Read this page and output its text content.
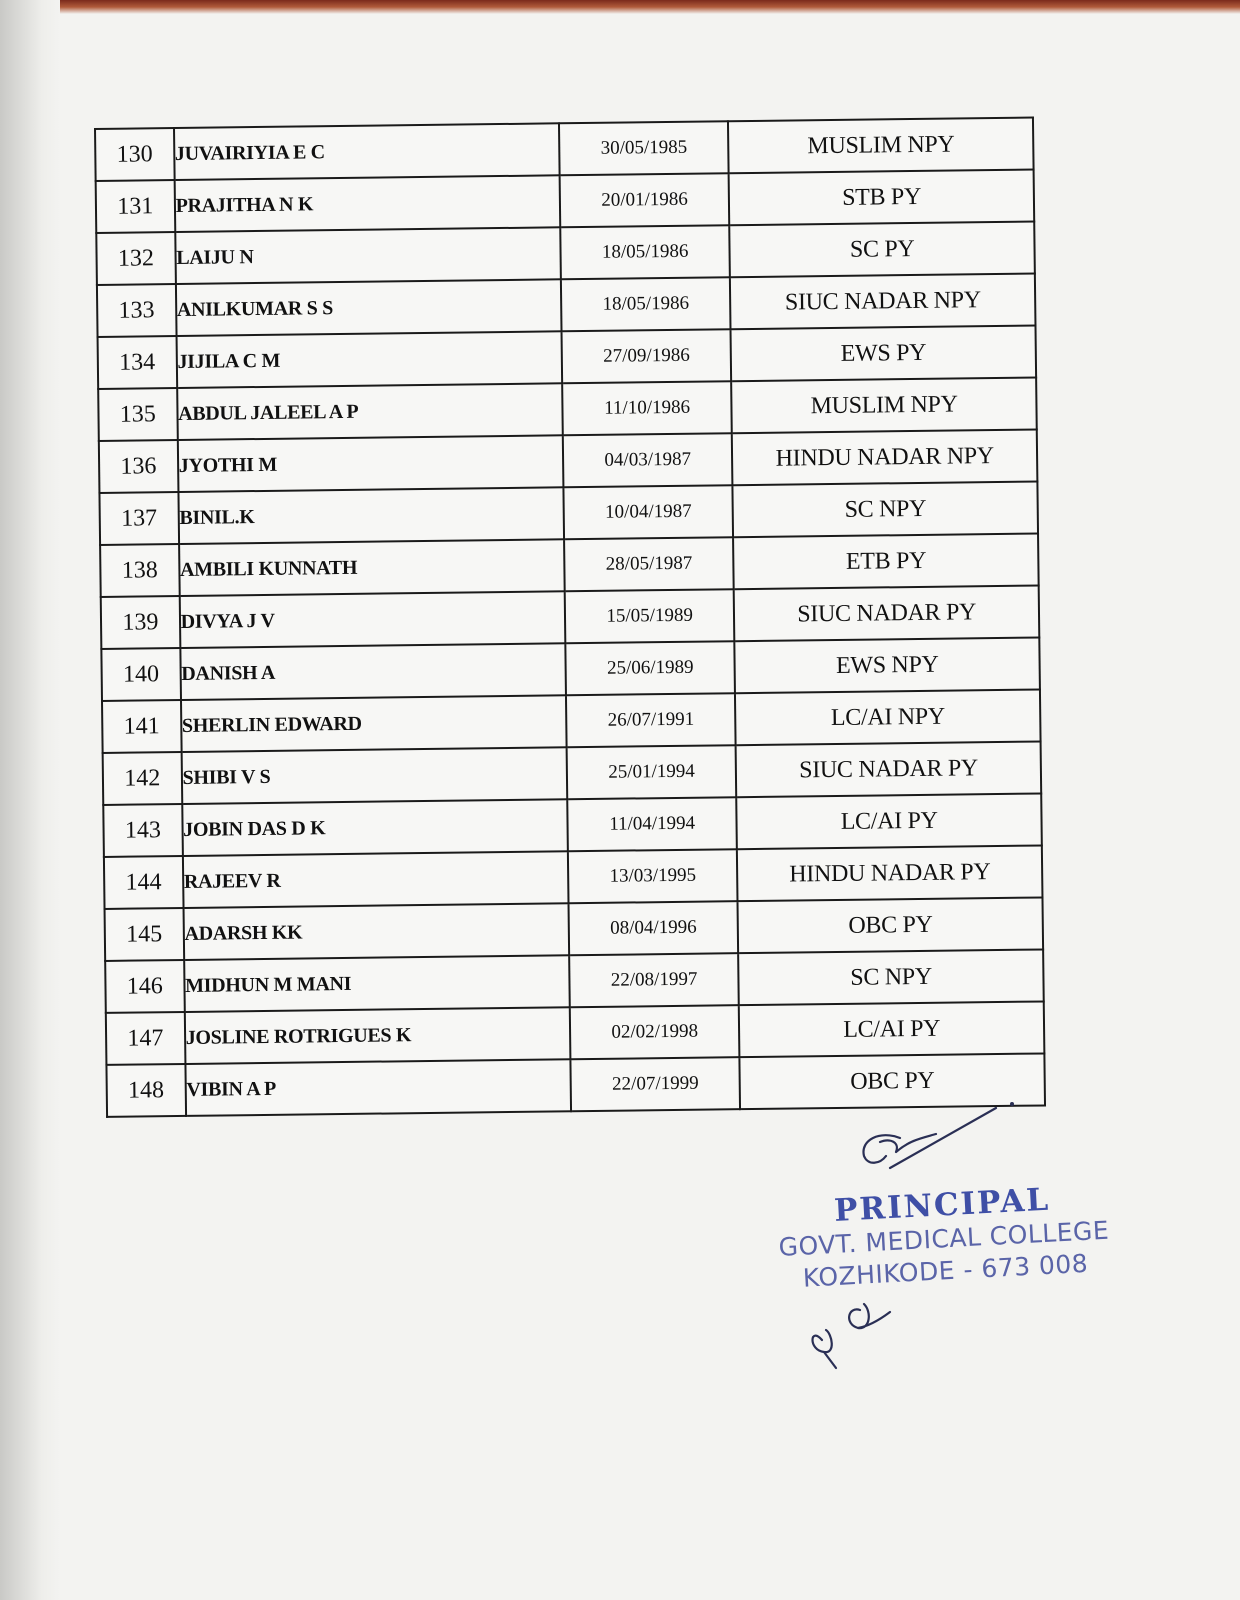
130	JUVAIRIYIA E C	30/05/1985	MUSLIM NPY
131	PRAJITHA N K	20/01/1986	STB PY
132	LAIJU N	18/05/1986	SC PY
133	ANILKUMAR S S	18/05/1986	SIUC NADAR NPY
134	JIJILA C M	27/09/1986	EWS PY
135	ABDUL JALEEL A P	11/10/1986	MUSLIM NPY
136	JYOTHI M	04/03/1987	HINDU NADAR NPY
137	BINIL.K	10/04/1987	SC NPY
138	AMBILI KUNNATH	28/05/1987	ETB PY
139	DIVYA J V	15/05/1989	SIUC NADAR PY
140	DANISH A	25/06/1989	EWS NPY
141	SHERLIN EDWARD	26/07/1991	LC/AI NPY
142	SHIBI V S	25/01/1994	SIUC NADAR PY
143	JOBIN DAS D K	11/04/1994	LC/AI PY
144	RAJEEV R	13/03/1995	HINDU NADAR PY
145	ADARSH KK	08/04/1996	OBC PY
146	MIDHUN M MANI	22/08/1997	SC NPY
147	JOSLINE ROTRIGUES K	02/02/1998	LC/AI PY
148	VIBIN A P	22/07/1999	OBC PY
PRINCIPAL
GOVT. MEDICAL COLLEGE
KOZHIKODE - 673 008
